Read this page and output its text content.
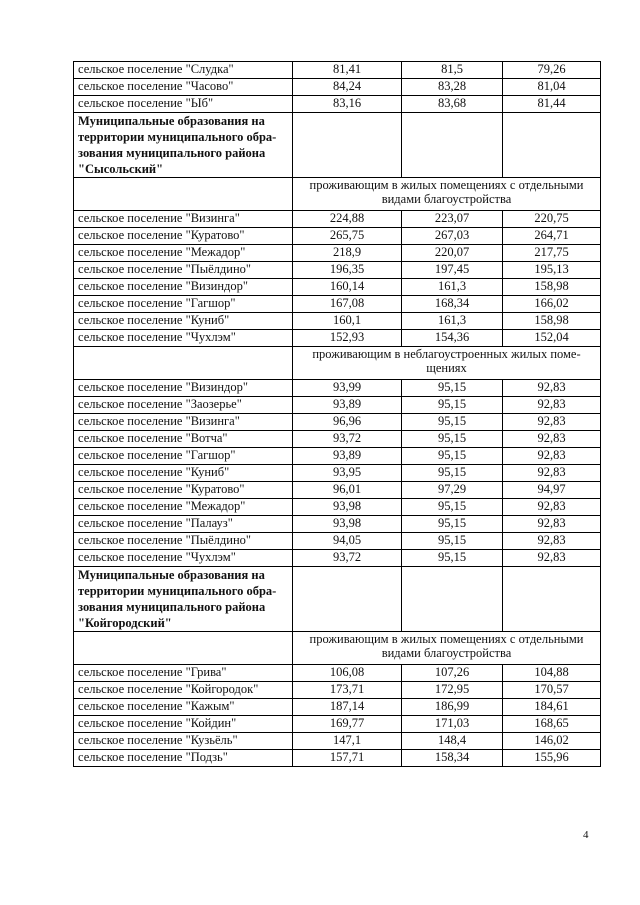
сельское поселение "Слудка"	81,41	81,5	79,26
сельское поселение "Часово"	84,24	83,28	81,04
сельское поселение "Ыб"	83,16	83,68	81,44
Муниципальные образования на территории муниципального обра- зования муниципального района "Сысольский"			
	проживающим в жилых помещениях с отдельными видами благоустройства		
сельское поселение "Визинга"	224,88	223,07	220,75
сельское поселение "Куратово"	265,75	267,03	264,71
сельское поселение "Межадор"	218,9	220,07	217,75
сельское поселение "Пыёлдино"	196,35	197,45	195,13
сельское поселение "Визиндор"	160,14	161,3	158,98
сельское поселение "Гагшор"	167,08	168,34	166,02
сельское поселение "Куниб"	160,1	161,3	158,98
сельское поселение "Чухлэм"	152,93	154,36	152,04
	проживающим в неблагоустроенных жилых поме- щениях		
сельское поселение "Визиндор"	93,99	95,15	92,83
сельское поселение "Заозерье"	93,89	95,15	92,83
сельское поселение "Визинга"	96,96	95,15	92,83
сельское поселение "Вотча"	93,72	95,15	92,83
сельское поселение "Гагшор"	93,89	95,15	92,83
сельское поселение "Куниб"	93,95	95,15	92,83
сельское поселение "Куратово"	96,01	97,29	94,97
сельское поселение "Межадор"	93,98	95,15	92,83
сельское поселение "Палауз"	93,98	95,15	92,83
сельское поселение "Пыёлдино"	94,05	95,15	92,83
сельское поселение "Чухлэм"	93,72	95,15	92,83
Муниципальные образования на территории муниципального обра- зования муниципального района "Койгородский"			
	проживающим в жилых помещениях с отдельными видами благоустройства		
сельское поселение "Грива"	106,08	107,26	104,88
сельское поселение "Койгородок"	173,71	172,95	170,57
сельское поселение "Кажым"	187,14	186,99	184,61
сельское поселение "Койдин"	169,77	171,03	168,65
сельское поселение "Кузьёль"	147,1	148,4	146,02
сельское поселение "Подзь"	157,71	158,34	155,96
4
